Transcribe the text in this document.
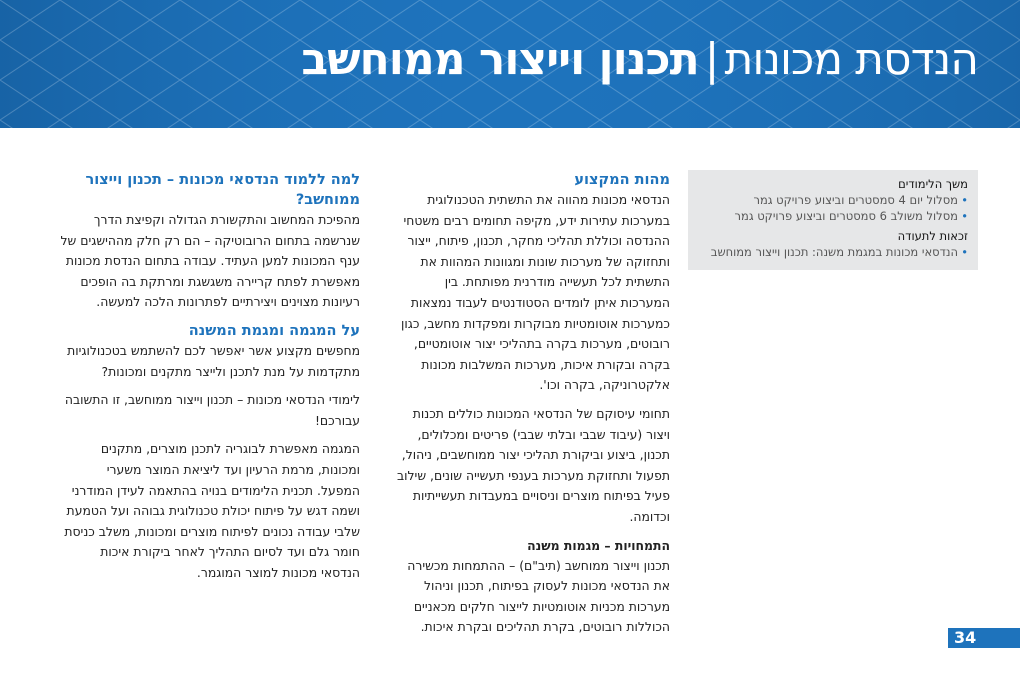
הנדסת מכונות|תכנון וייצור ממוחשב
משך הלימודים
• מסלול יום 4 סמסטרים וביצוע פרויקט גמר
• מסלול משולב 6 סמסטרים וביצוע פרויקט גמר
זכאות לתעודה
• הנדסאי מכונות במגמת משנה: תכנון וייצור ממוחשב
מהות המקצוע

הנדסאי מכונות מהווה את התשתית הטכנולוגית במערכות עתירות ידע, מקיפה תחומים רבים משטחי ההנדסה וכוללת תהליכי מחקר, תכנון, פיתוח, ייצור ותחזוקה של מערכות שונות ומגוונות המהוות את התשתית לכל תעשייה מודרנית מפותחת. בין המערכות איתן לומדים הסטודנטים לעבוד נמצאות כמערכות אוטומטיות מבוקרות ומפקדות מחשב, כגון רובוטים, מערכות בקרה בתהליכי יצור אוטומטיים, בקרה ובקורת איכות, מערכות המשלבות מכונות אלקטרוניקה, בקרה וכו'.

תחומי עיסוקם של הנדסאי המכונות כוללים תכנות ויצור (עיבוד שבבי ובלתי שבבי) פריטים ומכלולים, תכנון, ביצוע וביקורת תהליכי יצור ממוחשבים, ניהול, תפעול ותחזוקת מערכות בענפי תעשייה שונים, שילוב פעיל בפיתוח מוצרים וניסויים במעבדות תעשייתיות וכדומה.

התמחויות – מגמות משנה

תכנון וייצור ממוחשב (תיב"ם) – ההתמחות מכשירה את הנדסאי מכונות לעסוק בפיתוח, תכנון וניהול מערכות מכניות אוטומטיות לייצור חלקים מכאניים הכוללות רובוטים, בקרת תהליכים ובקרת איכות.

למה ללמוד הנדסאי מכונות – תכנון וייצור ממוחשב?

מהפיכת המחשוב והתקשורת הגדולה וקפיצת הדרך שנרשמה בתחום הרובוטיקה – הם רק חלק מההישגים של ענף המכונות למען העתיד. עבודה בתחום הנדסת מכונות מאפשרת לפתח קריירה משגשגת ומרתקת בה הופכים רעיונות מצוינים ויצירתיים לפתרונות הלכה למעשה.

על המגמה ומגמת המשנה

מחפשים מקצוע אשר יאפשר לכם להשתמש בטכנולוגיות מתקדמות על מנת לתכנן ולייצר מתקנים ומכונות?

לימודי הנדסאי מכונות – תכנון וייצור ממוחשב, זו התשובה עבורכם!

המגמה מאפשרת לבוגריה לתכנן מוצרים, מתקנים ומכונות, מרמת הרעיון ועד ליציאת המוצר משערי המפעל. תכנית הלימודים בנויה בהתאמה לעידן המודרני ושמה דגש על פיתוח יכולת טכנולוגית גבוהה ועל הטמעת שלבי עבודה נכונים לפיתוח מוצרים ומכונות, משלב כניסת חומר גלם ועד לסיום התהליך לאחר ביקורת איכות הנדסאי מכונות למוצר המוגמר.

34
